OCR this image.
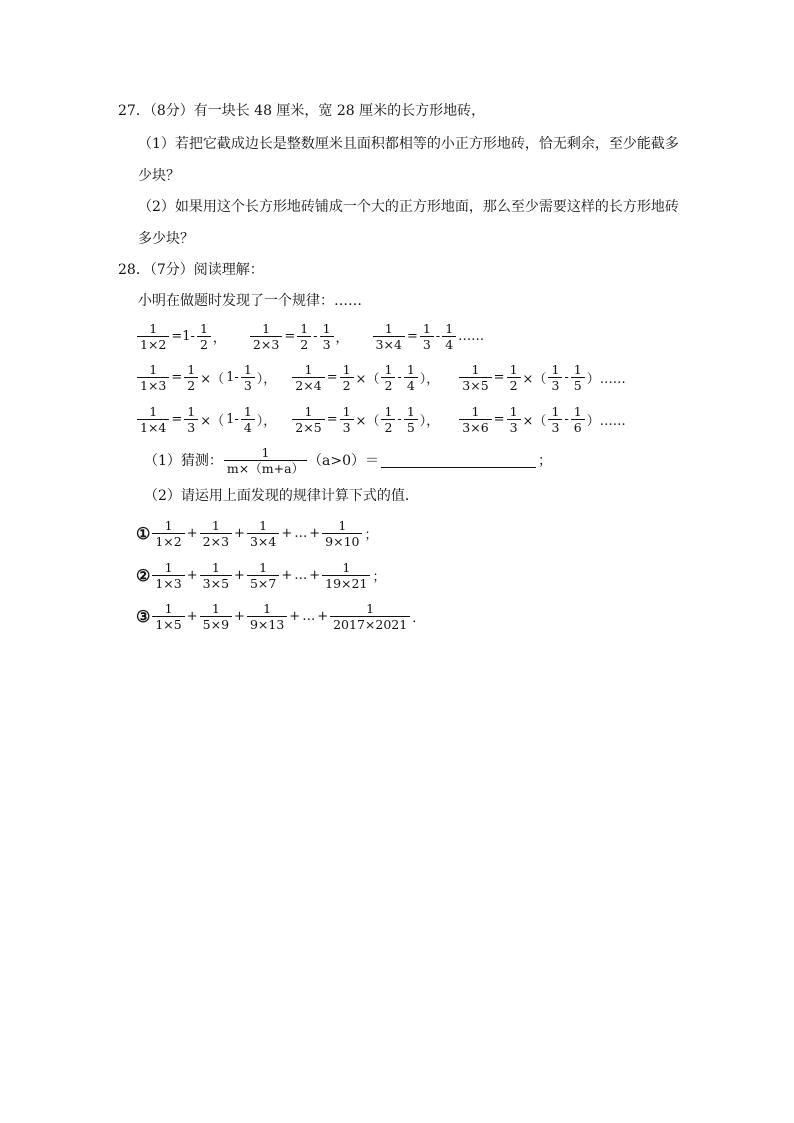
27．（8分）有一块长 48 厘米，宽 28 厘米的长方形地砖，
（1）若把它截成边长是整数厘米且面积都相等的小正方形地砖，恰无剩余，至少能截多
少块？
（2）如果用这个长方形地砖铺成一个大的正方形地面，那么至少需要这样的长方形地砖
多少块？
28．（7分）阅读理解：
小明在做题时发现了一个规律：……
$\frac{1}{1\times 2} =1- \frac{1}{2}$ ， $\frac{1}{2\times 3} = \frac{1}{2} - \frac{1}{3}$ ， $\frac{1}{3\times 4} = \frac{1}{3} - \frac{1}{4}$ ……
$\frac{1}{1\times 3} = \frac{1}{2}$ ×（ $1- \frac{1}{3}$ ）， $\frac{1}{2\times 4} = \frac{1}{2}$ ×（ $\frac{1}{2} - \frac{1}{4}$ ）， $\frac{1}{3\times 5} = \frac{1}{2}$ ×（ $\frac{1}{3} - \frac{1}{5}$ ）……
$\frac{1}{1\times 4} = \frac{1}{3}$ ×（ $1- \frac{1}{4}$ ）， $\frac{1}{2\times 5} = \frac{1}{3}$ ×（ $\frac{1}{2} - \frac{1}{5}$ ）， $\frac{1}{3\times 6} = \frac{1}{3}$ ×（ $\frac{1}{3} - \frac{1}{6}$ ）……
（1）猜测： $\frac{1}{m\times(m+a)} (a>0)=$	；
（2）请运用上面发现的规律计算下式的值．
① $\frac{1}{1\times 2} + \frac{1}{2\times 3} + \frac{1}{3\times 4}$ + … + $\frac{1}{9\times 10}$ ；
② $\frac{1}{1\times 3} + \frac{1}{3\times 5} + \frac{1}{5\times 7}$ + … + $\frac{1}{19\times 21}$ ；
③ $\frac{1}{1\times 5} + \frac{1}{5\times 9} + \frac{1}{9\times 13}$ + … + $\frac{1}{2017\times 2021}$ ．
